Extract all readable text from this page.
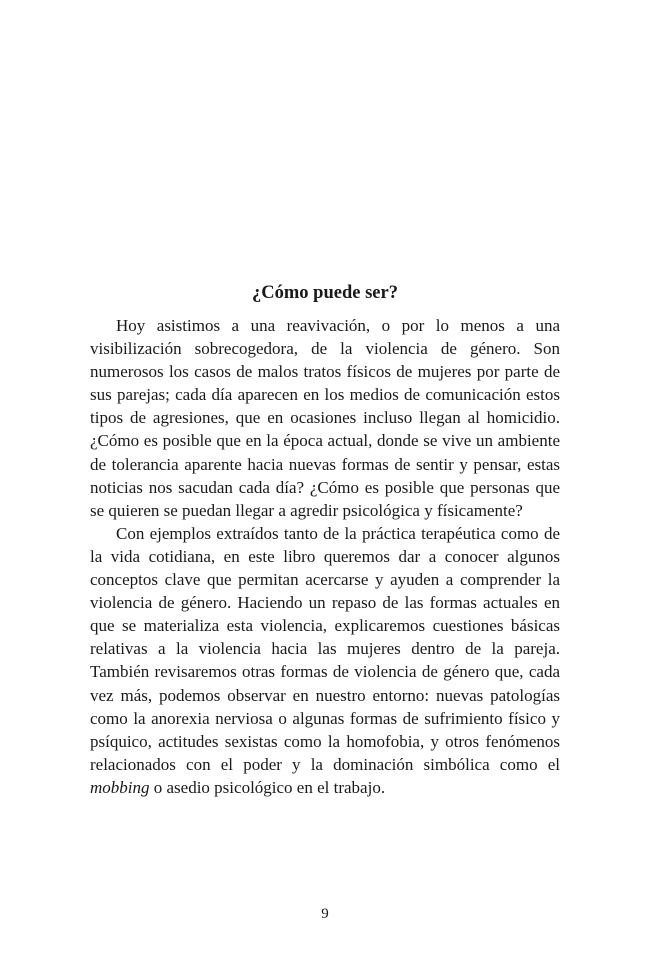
¿Cómo puede ser?

Hoy asistimos a una reavivación, o por lo menos a una visibilización sobrecogedora, de la violencia de género. Son numerosos los casos de malos tratos físicos de mujeres por parte de sus parejas; cada día aparecen en los medios de comunicación estos tipos de agresiones, que en ocasiones incluso llegan al homicidio. ¿Cómo es posible que en la época actual, donde se vive un ambiente de tolerancia aparente hacia nuevas formas de sentir y pensar, estas noticias nos sacudan cada día? ¿Cómo es posible que personas que se quieren se puedan llegar a agredir psicológica y físicamente?

Con ejemplos extraídos tanto de la práctica terapéutica como de la vida cotidiana, en este libro queremos dar a conocer algunos conceptos clave que permitan acercarse y ayuden a comprender la violencia de género. Haciendo un repaso de las formas actuales en que se materializa esta violencia, explicaremos cuestiones básicas relativas a la violencia hacia las mujeres dentro de la pareja. También revisaremos otras formas de violencia de género que, cada vez más, podemos observar en nuestro entorno: nuevas patologías como la anorexia nerviosa o algunas formas de sufrimiento físico y psíquico, actitudes sexistas como la homofobia, y otros fenómenos relacionados con el poder y la dominación simbólica como el mobbing o asedio psicológico en el trabajo.

9
